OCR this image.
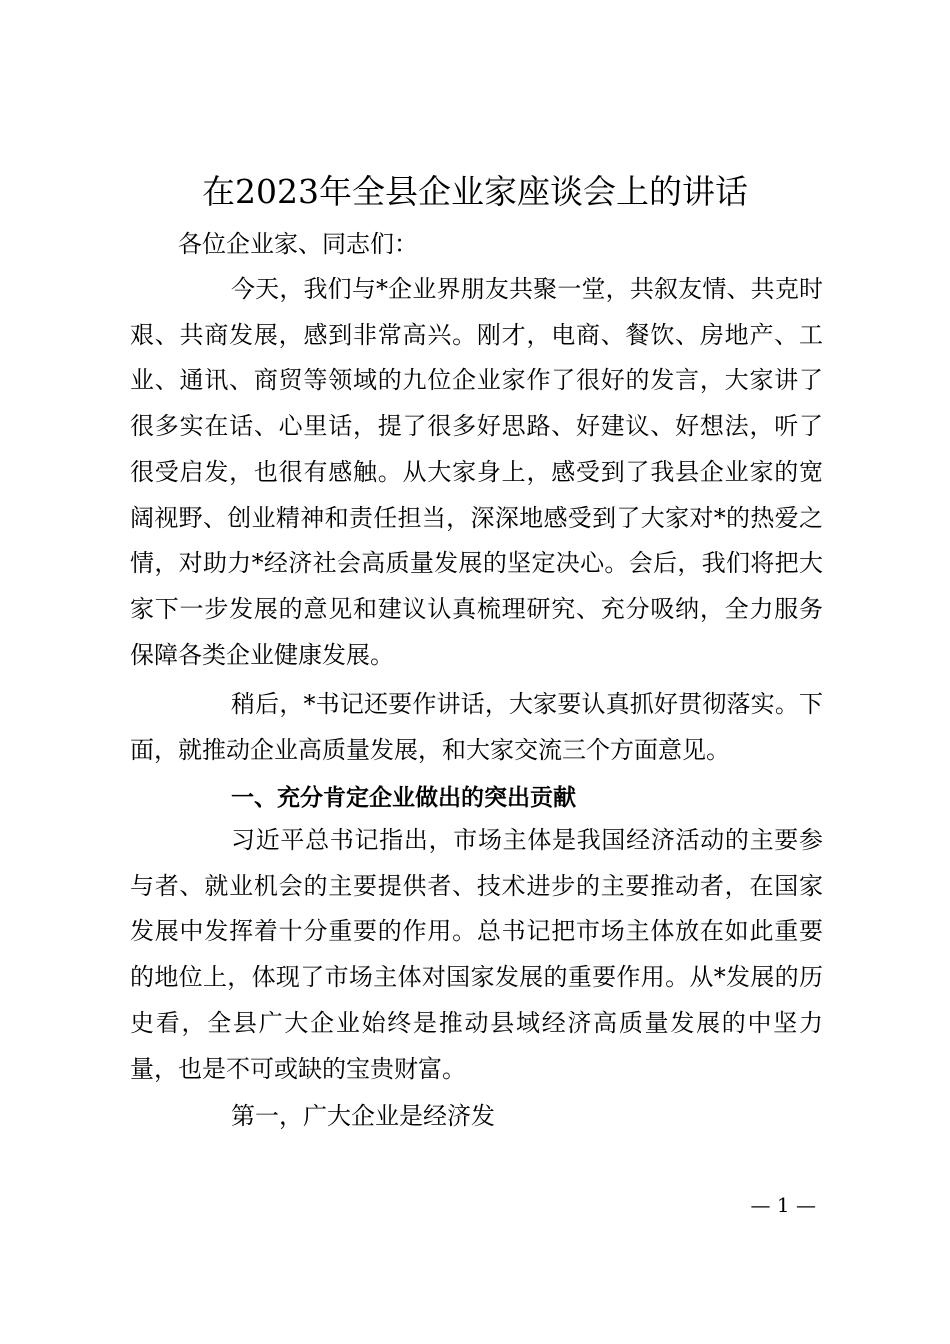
在2023年全县企业家座谈会上的讲话

各位企业家、同志们：

今天，我们与*企业界朋友共聚一堂，共叙友情、共克时艰、共商发展，感到非常高兴。刚才，电商、餐饮、房地产、工业、通讯、商贸等领域的九位企业家作了很好的发言，大家讲了很多实在话、心里话，提了很多好思路、好建议、好想法，听了很受启发，也很有感触。从大家身上，感受到了我县企业家的宽阔视野、创业精神和责任担当，深深地感受到了大家对*的热爱之情，对助力*经济社会高质量发展的坚定决心。会后，我们将把大家下一步发展的意见和建议认真梳理研究、充分吸纳，全力服务保障各类企业健康发展。

稍后，*书记还要作讲话，大家要认真抓好贯彻落实。下面，就推动企业高质量发展，和大家交流三个方面意见。

一、充分肯定企业做出的突出贡献

习近平总书记指出，市场主体是我国经济活动的主要参与者、就业机会的主要提供者、技术进步的主要推动者，在国家发展中发挥着十分重要的作用。总书记把市场主体放在如此重要的地位上，体现了市场主体对国家发展的重要作用。从*发展的历史看，全县广大企业始终是推动县域经济高质量发展的中坚力量，也是不可或缺的宝贵财富。

第一，广大企业是经济发

— 1 —
